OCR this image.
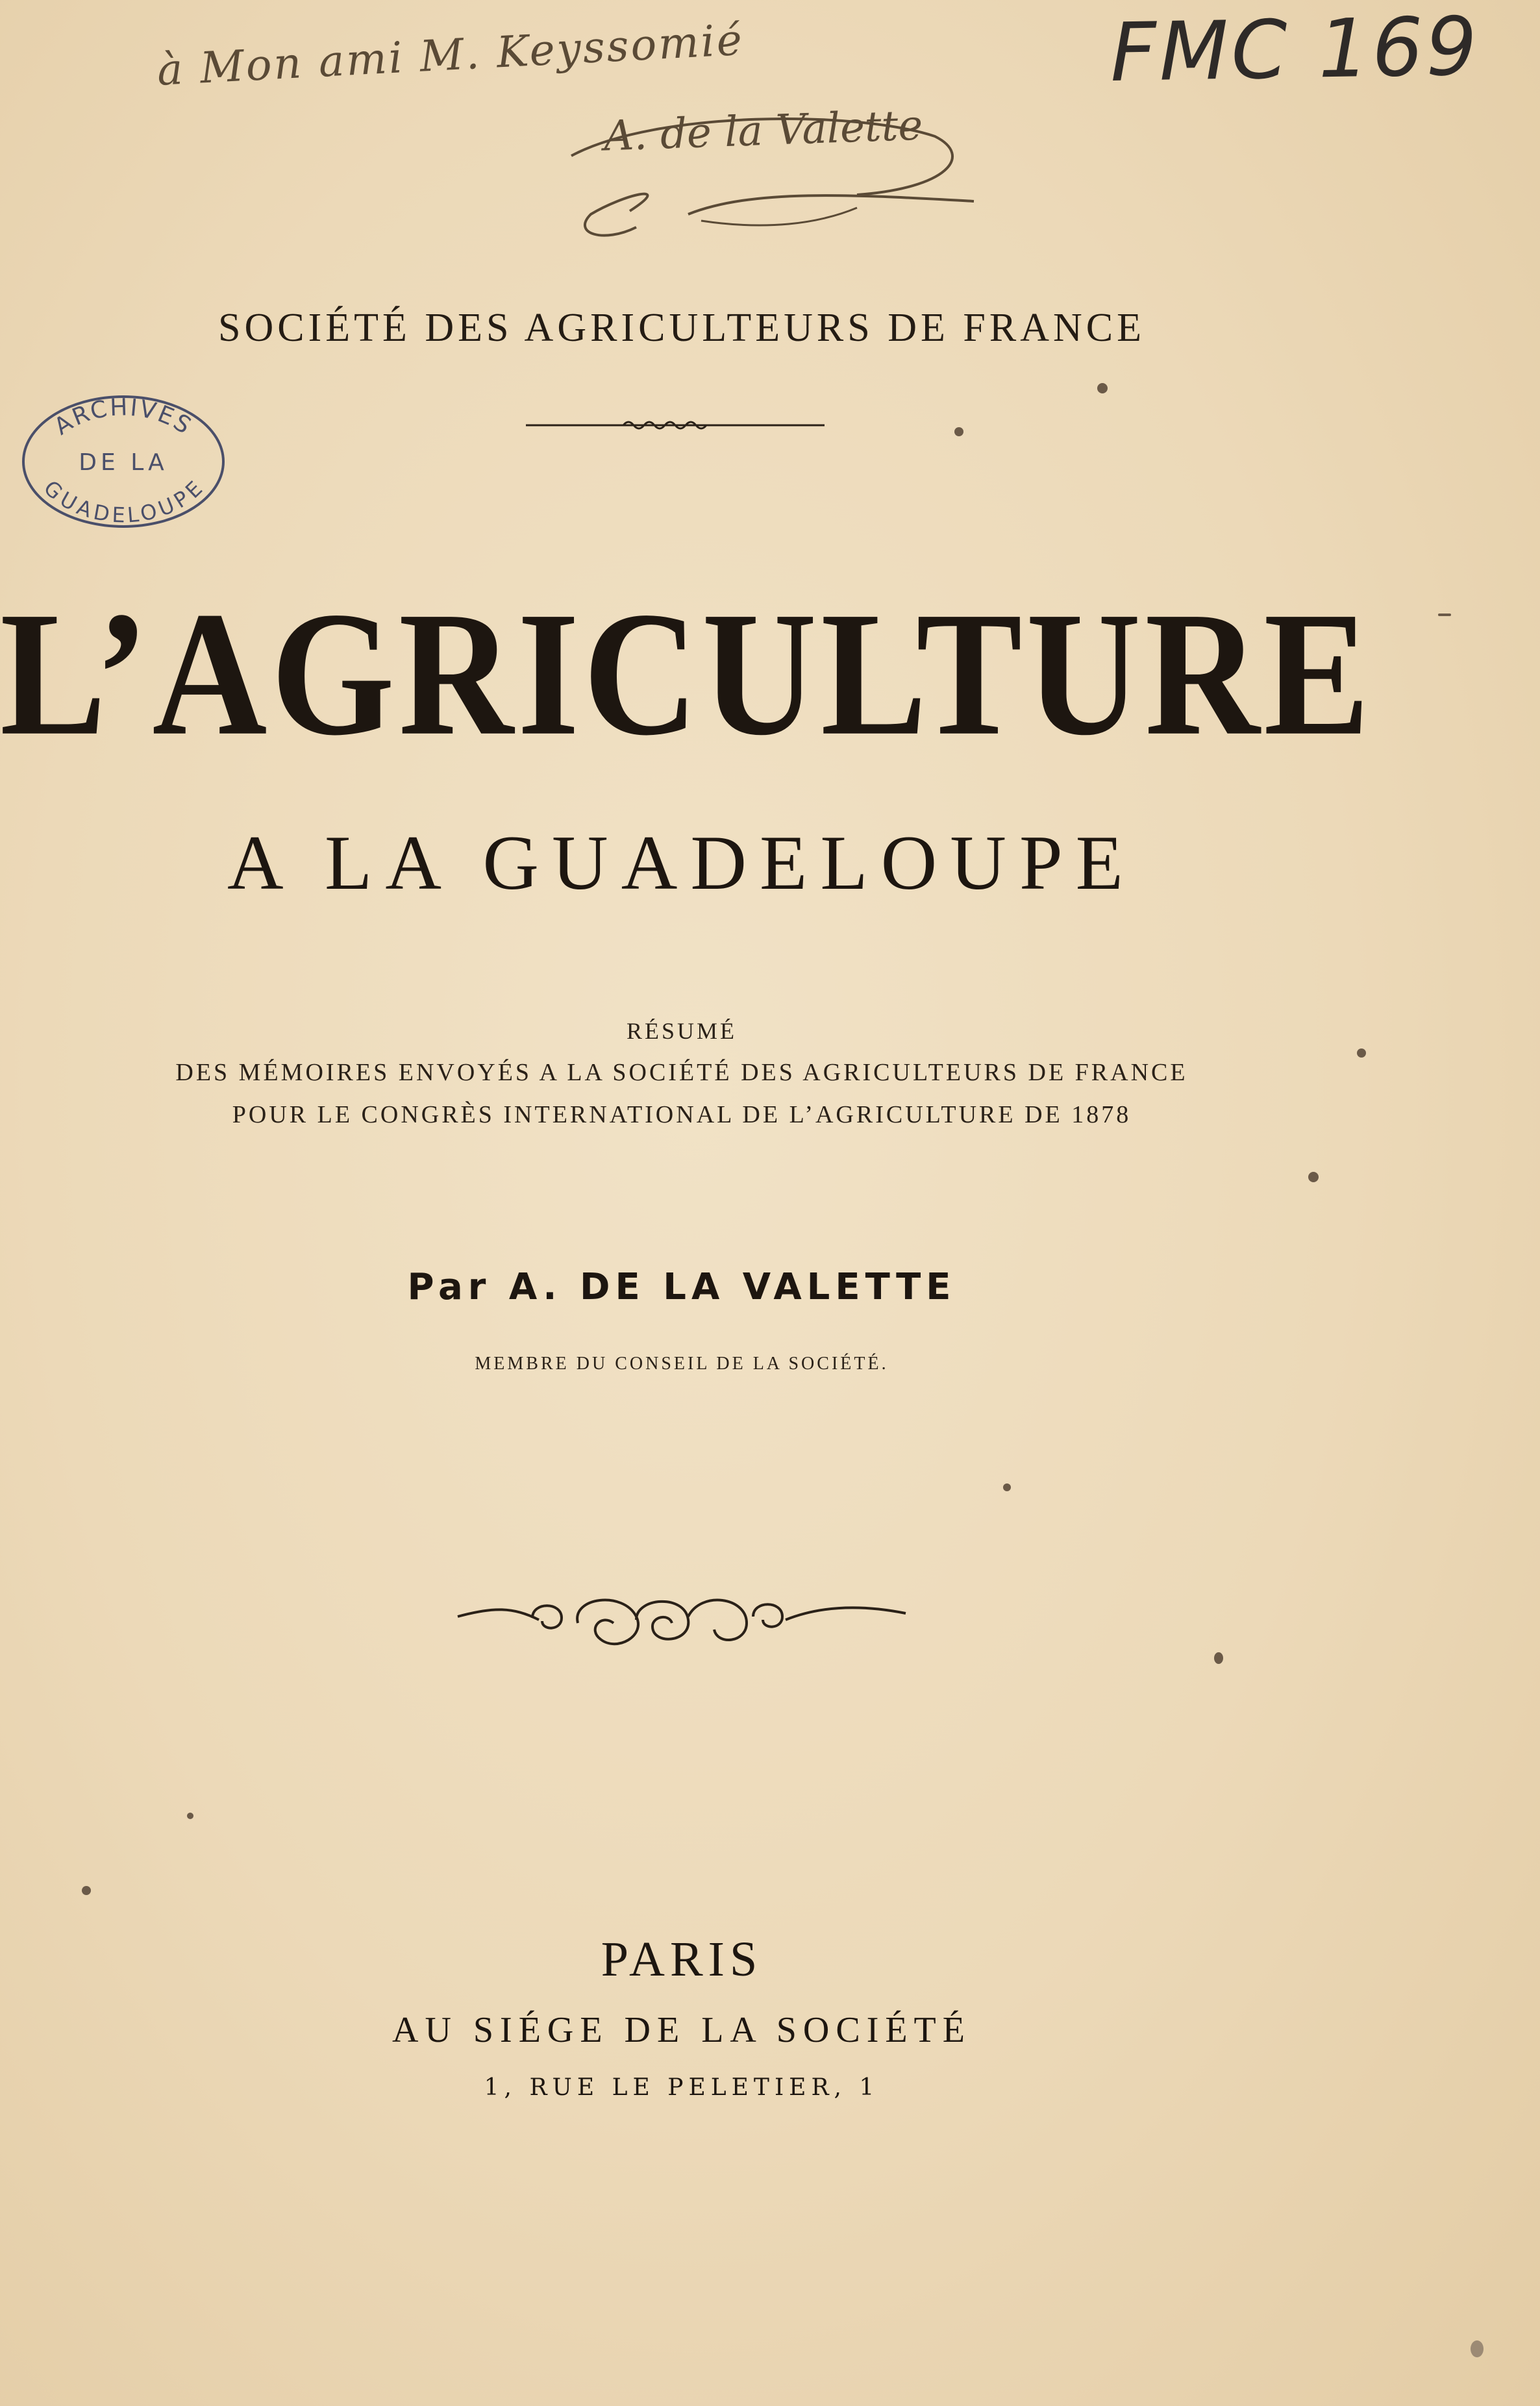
à Mon ami M. Keyssomié
A. de la Valette
FMC 169
ARCHIVES
DE LA
GUADELOUPE
SOCIÉTÉ DES AGRICULTEURS DE FRANCE
L’AGRICULTURE
A LA GUADELOUPE
RÉSUMÉ
DES MÉMOIRES ENVOYÉS A LA SOCIÉTÉ DES AGRICULTEURS DE FRANCE
POUR LE CONGRÈS INTERNATIONAL DE L’AGRICULTURE DE 1878
Par A. DE LA VALETTE
MEMBRE DU CONSEIL DE LA SOCIÉTÉ.
PARIS
AU SIÉGE DE LA SOCIÉTÉ
1, RUE LE PELETIER, 1
